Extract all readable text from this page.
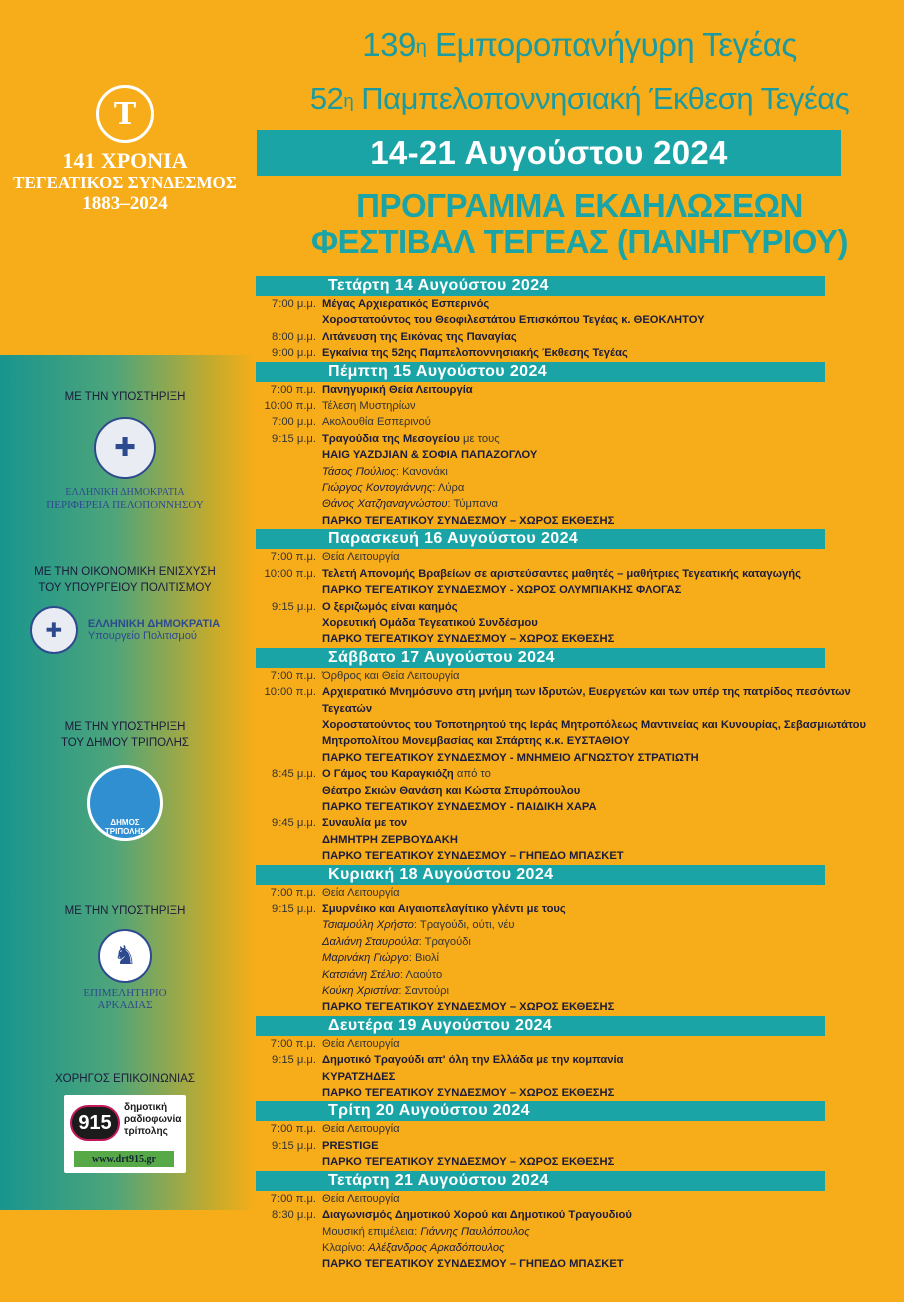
Τ
141 ΧΡΟΝΙΑ
ΤΕΓΕΑΤΙΚΟΣ ΣΥΝΔΕΣΜΟΣ
1883–2024
ΜΕ ΤΗΝ ΥΠΟΣΤΗΡΙΞΗ
✚
ΕΛΛΗΝΙΚΗ ΔΗΜΟΚΡΑΤΙΑ
ΠΕΡΙΦΕΡΕΙΑ ΠΕΛΟΠΟΝΝΗΣΟΥ
ΜΕ ΤΗΝ ΟΙΚΟΝΟΜΙΚΗ ΕΝΙΣΧΥΣΗ
ΤΟΥ ΥΠΟΥΡΓΕΙΟΥ ΠΟΛΙΤΙΣΜΟΥ
✚	ΕΛΛΗΝΙΚΗ ΔΗΜΟΚΡΑΤΙΑ
Υπουργείο Πολιτισμού
ΜΕ ΤΗΝ ΥΠΟΣΤΗΡΙΞΗ
ΤΟΥ ΔΗΜΟΥ ΤΡΙΠΟΛΗΣ
ΔΗΜΟΣ ΤΡΙΠΟΛΗΣ
ΜΕ ΤΗΝ ΥΠΟΣΤΗΡΙΞΗ
♞
ΕΠΙΜΕΛΗΤΗΡΙΟ
ΑΡΚΑΔΙΑΣ
ΧΟΡΗΓΟΣ ΕΠΙΚΟΙΝΩΝΙΑΣ
915
δημοτική
ραδιοφωνία
τρίπολης
www.drt915.gr
$139^\eta$ Εμποροπανήγυρη Τεγέας
$52^\eta$ Παμπελοποννησιακή Έκθεση Τεγέας
14-21 Αυγούστου 2024
ΠΡΟΓΡΑΜΜΑ ΕΚΔΗΛΩΣΕΩΝ
ΦΕΣΤΙΒΑΛ ΤΕΓΕΑΣ (ΠΑΝΗΓΥΡΙΟΥ)
Τετάρτη 14 Αυγούστου 2024
7:00 μ.μ. Μέγας Αρχιερατικός Εσπερινός
Χοροστατούντος του Θεοφιλεστάτου Επισκόπου Τεγέας κ. ΘΕΟΚΛΗΤΟΥ
8:00 μ.μ. Λιτάνευση της Εικόνας της Παναγίας
9:00 μ.μ. Εγκαίνια της 52ης Παμπελοποννησιακής Έκθεσης Τεγέας
Πέμπτη 15 Αυγούστου 2024
7:00 π.μ. Πανηγυρική Θεία Λειτουργία
10:00 π.μ. Τέλεση Μυστηρίων
7:00 μ.μ. Ακολουθία Εσπερινού
9:15 μ.μ. Τραγούδια της Μεσογείου με τους
HAIG YAZDJIAN & ΣΟΦΙΑ ΠΑΠΑΖΟΓΛΟΥ
Τάσος Πούλιος: Κανονάκι
Γιώργος Κοντογιάννης: Λύρα
Θάνος Χατζηαναγνώστου: Τύμπανα
ΠΑΡΚΟ ΤΕΓΕΑΤΙΚΟΥ ΣΥΝΔΕΣΜΟΥ – ΧΩΡΟΣ ΕΚΘΕΣΗΣ
Παρασκευή 16 Αυγούστου 2024
7:00 π.μ. Θεία Λειτουργία
10:00 π.μ. Τελετή Απονομής Βραβείων σε αριστεύσαντες μαθητές – μαθήτριες Τεγεατικής καταγωγής
ΠΑΡΚΟ ΤΕΓΕΑΤΙΚΟΥ ΣΥΝΔΕΣΜΟΥ - ΧΩΡΟΣ ΟΛΥΜΠΙΑΚΗΣ ΦΛΟΓΑΣ
9:15 μ.μ. Ο ξεριζωμός είναι καημός
Χορευτική Ομάδα Τεγεατικού Συνδέσμου
ΠΑΡΚΟ ΤΕΓΕΑΤΙΚΟΥ ΣΥΝΔΕΣΜΟΥ – ΧΩΡΟΣ ΕΚΘΕΣΗΣ
Σάββατο 17 Αυγούστου 2024
7:00 π.μ. Όρθρος και Θεία Λειτουργία
10:00 π.μ. Αρχιερατικό Μνημόσυνο στη μνήμη των Ιδρυτών, Ευεργετών και των υπέρ της πατρίδος πεσόντων Τεγεατών
Χοροστατούντος του Τοποτηρητού της Ιεράς Μητροπόλεως Μαντινείας και Κυνουρίας, Σεβασμιωτάτου Μητροπολίτου Μονεμβασίας και Σπάρτης κ.κ. ΕΥΣΤΑΘΙΟΥ
ΠΑΡΚΟ ΤΕΓΕΑΤΙΚΟΥ ΣΥΝΔΕΣΜΟΥ - ΜΝΗΜΕΙΟ ΑΓΝΩΣΤΟΥ ΣΤΡΑΤΙΩΤΗ
8:45 μ.μ. Ο Γάμος του Καραγκιόζη από το
Θέατρο Σκιών Θανάση και Κώστα Σπυρόπουλου
ΠΑΡΚΟ ΤΕΓΕΑΤΙΚΟΥ ΣΥΝΔΕΣΜΟΥ - ΠΑΙΔΙΚΗ ΧΑΡΑ
9:45 μ.μ. Συναυλία με τον
ΔΗΜΗΤΡΗ ΖΕΡΒΟΥΔΑΚΗ
ΠΑΡΚΟ ΤΕΓΕΑΤΙΚΟΥ ΣΥΝΔΕΣΜΟΥ – ΓΗΠΕΔΟ ΜΠΑΣΚΕΤ
Κυριακή 18 Αυγούστου 2024
7:00 π.μ. Θεία Λειτουργία
9:15 μ.μ. Σμυρνέικο και Αιγαιοπελαγίτικο γλέντι με τους
Τσιαμούλη Χρήστο: Τραγούδι, ούτι, νέυ
Δαλιάνη Σταυρούλα: Τραγούδι
Μαρινάκη Γιώργο: Βιολί
Κατσιάνη Στέλιο: Λαούτο
Κούκη Χριστίνα: Σαντούρι
ΠΑΡΚΟ ΤΕΓΕΑΤΙΚΟΥ ΣΥΝΔΕΣΜΟΥ – ΧΩΡΟΣ ΕΚΘΕΣΗΣ
Δευτέρα 19 Αυγούστου 2024
7:00 π.μ. Θεία Λειτουργία
9:15 μ.μ. Δημοτικό Τραγούδι απ' όλη την Ελλάδα με την κομπανία
ΚΥΡΑΤΖΗΔΕΣ
ΠΑΡΚΟ ΤΕΓΕΑΤΙΚΟΥ ΣΥΝΔΕΣΜΟΥ – ΧΩΡΟΣ ΕΚΘΕΣΗΣ
Τρίτη 20 Αυγούστου 2024
7:00 π.μ. Θεία Λειτουργία
9:15 μ.μ. PRESTIGE
ΠΑΡΚΟ ΤΕΓΕΑΤΙΚΟΥ ΣΥΝΔΕΣΜΟΥ – ΧΩΡΟΣ ΕΚΘΕΣΗΣ
Τετάρτη 21 Αυγούστου 2024
7:00 π.μ. Θεία Λειτουργία
8:30 μ.μ. Διαγωνισμός Δημοτικού Χορού και Δημοτικού Τραγουδιού
Μουσική επιμέλεια: Γιάννης Παυλόπουλος
Κλαρίνο: Αλέξανδρος Αρκαδόπουλος
ΠΑΡΚΟ ΤΕΓΕΑΤΙΚΟΥ ΣΥΝΔΕΣΜΟΥ – ΓΗΠΕΔΟ ΜΠΑΣΚΕΤ
